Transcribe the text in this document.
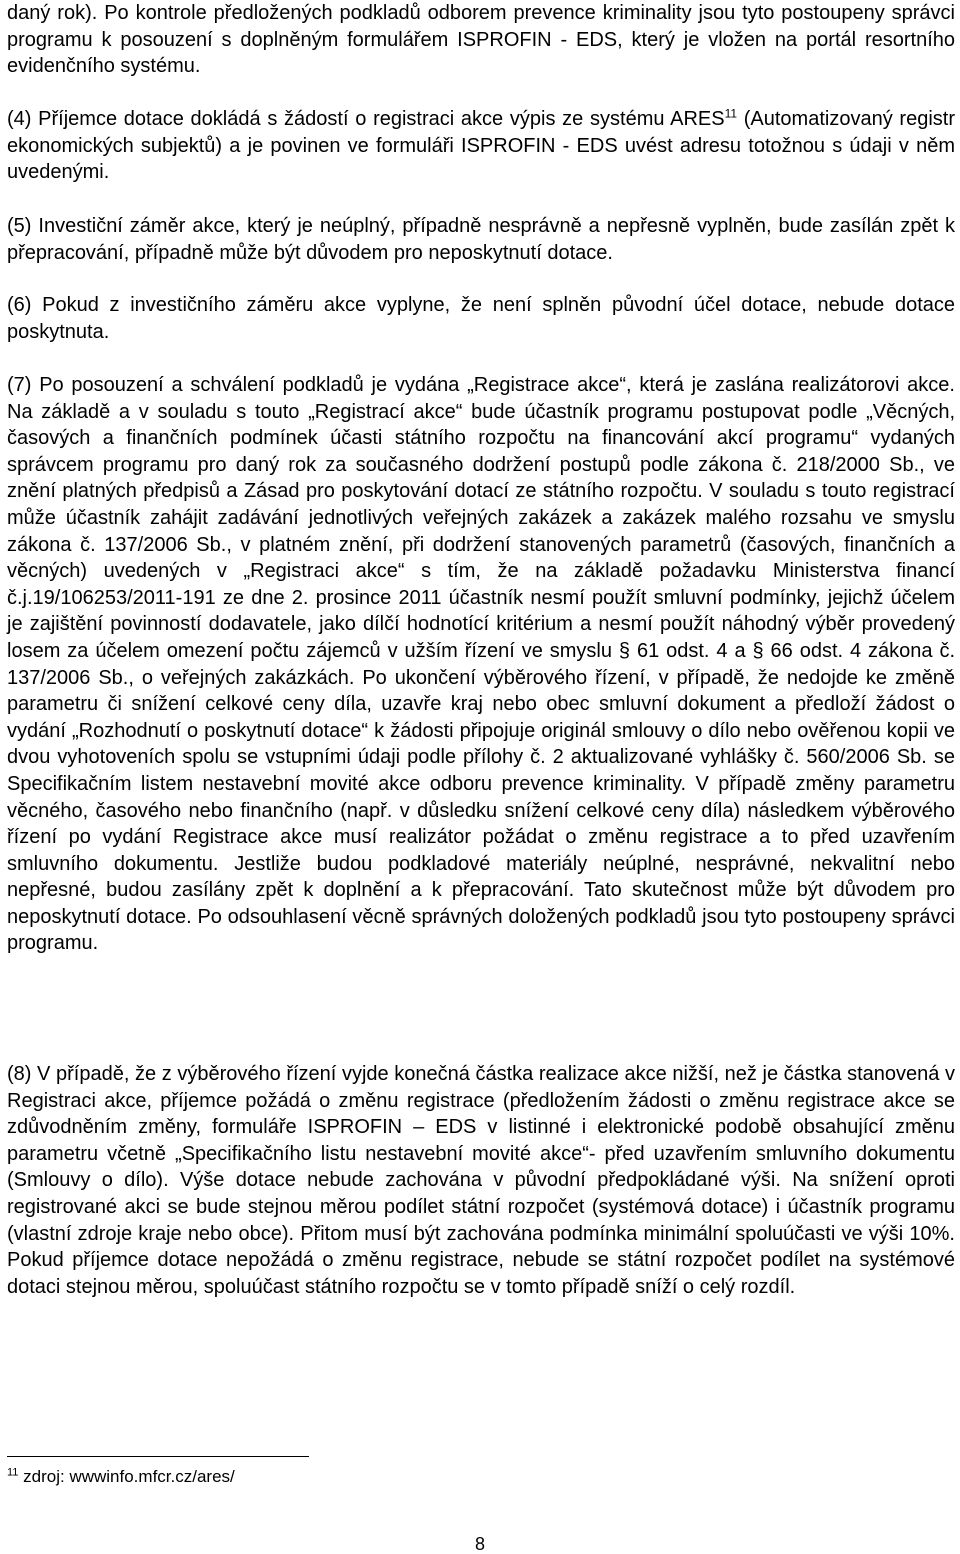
daný rok). Po kontrole předložených podkladů odborem prevence kriminality jsou tyto postoupeny správci programu k posouzení s doplněným formulářem ISPROFIN - EDS, který je vložen na portál resortního evidenčního systému.

(4) Příjemce dotace dokládá s žádostí o registraci akce výpis ze systému ARES$^{11}$ (Automatizovaný registr ekonomických subjektů) a je povinen ve formuláři ISPROFIN - EDS uvést adresu totožnou s údaji v něm uvedenými.

(5) Investiční záměr akce, který je neúplný, případně nesprávně a nepřesně vyplněn, bude zasílán zpět k přepracování, případně může být důvodem pro neposkytnutí dotace.

(6) Pokud z investičního záměru akce vyplyne, že není splněn původní účel dotace, nebude dotace poskytnuta.

(7) Po posouzení a schválení podkladů je vydána „Registrace akce“, která je zaslána realizátorovi akce. Na základě a v souladu s touto „Registrací akce“ bude účastník programu postupovat podle „Věcných, časových a finančních podmínek účasti státního rozpočtu na financování akcí programu“ vydaných správcem programu pro daný rok za současného dodržení postupů podle zákona č. 218/2000 Sb., ve znění platných předpisů a Zásad pro poskytování dotací ze státního rozpočtu. V souladu s touto registrací může účastník zahájit zadávání jednotlivých veřejných zakázek a zakázek malého rozsahu ve smyslu zákona č. 137/2006 Sb., v platném znění, při dodržení stanovených parametrů (časových, finančních a věcných) uvedených v „Registraci akce“ s tím, že na základě požadavku Ministerstva financí č.j.19/106253/2011-191 ze dne 2. prosince 2011 účastník nesmí použít smluvní podmínky, jejichž účelem je zajištění povinností dodavatele, jako dílčí hodnotící kritérium a nesmí použít náhodný výběr provedený losem za účelem omezení počtu zájemců v užším řízení ve smyslu § 61 odst. 4 a § 66 odst. 4 zákona č. 137/2006 Sb., o veřejných zakázkách. Po ukončení výběrového řízení, v případě, že nedojde ke změně parametru či snížení celkové ceny díla, uzavře kraj nebo obec smluvní dokument a předloží žádost o vydání „Rozhodnutí o poskytnutí dotace“ k žádosti připojuje originál smlouvy o dílo nebo ověřenou kopii ve dvou vyhotoveních spolu se vstupními údaji podle přílohy č. 2 aktualizované vyhlášky č. 560/2006 Sb. se Specifikačním listem nestavební movité akce odboru prevence kriminality. V případě změny parametru věcného, časového nebo finančního (např. v důsledku snížení celkové ceny díla) následkem výběrového řízení po vydání Registrace akce musí realizátor požádat o změnu registrace a to před uzavřením smluvního dokumentu. Jestliže budou podkladové materiály neúplné, nesprávné, nekvalitní nebo nepřesné, budou zasílány zpět k doplnění a k přepracování. Tato skutečnost může být důvodem pro neposkytnutí dotace. Po odsouhlasení věcně správných doložených podkladů jsou tyto postoupeny správci programu.

(8) V případě, že z výběrového řízení vyjde konečná částka realizace akce nižší, než je částka stanovená v Registraci akce, příjemce požádá o změnu registrace (předložením žádosti o změnu registrace akce se zdůvodněním změny, formuláře ISPROFIN – EDS v listinné i elektronické podobě obsahující změnu parametru včetně „Specifikačního listu nestavební movité akce“- před uzavřením smluvního dokumentu (Smlouvy o dílo). Výše dotace nebude zachována v původní předpokládané výši. Na snížení oproti registrované akci se bude stejnou měrou podílet státní rozpočet (systémová dotace) i účastník programu (vlastní zdroje kraje nebo obce). Přitom musí být zachována podmínka minimální spoluúčasti ve výši 10%. Pokud příjemce dotace nepožádá o změnu registrace, nebude se státní rozpočet podílet na systémové dotaci stejnou měrou, spoluúčast státního rozpočtu se v tomto případě sníží o celý rozdíl.

$^{11}$ zdroj: wwwinfo.mfcr.cz/ares/
8
